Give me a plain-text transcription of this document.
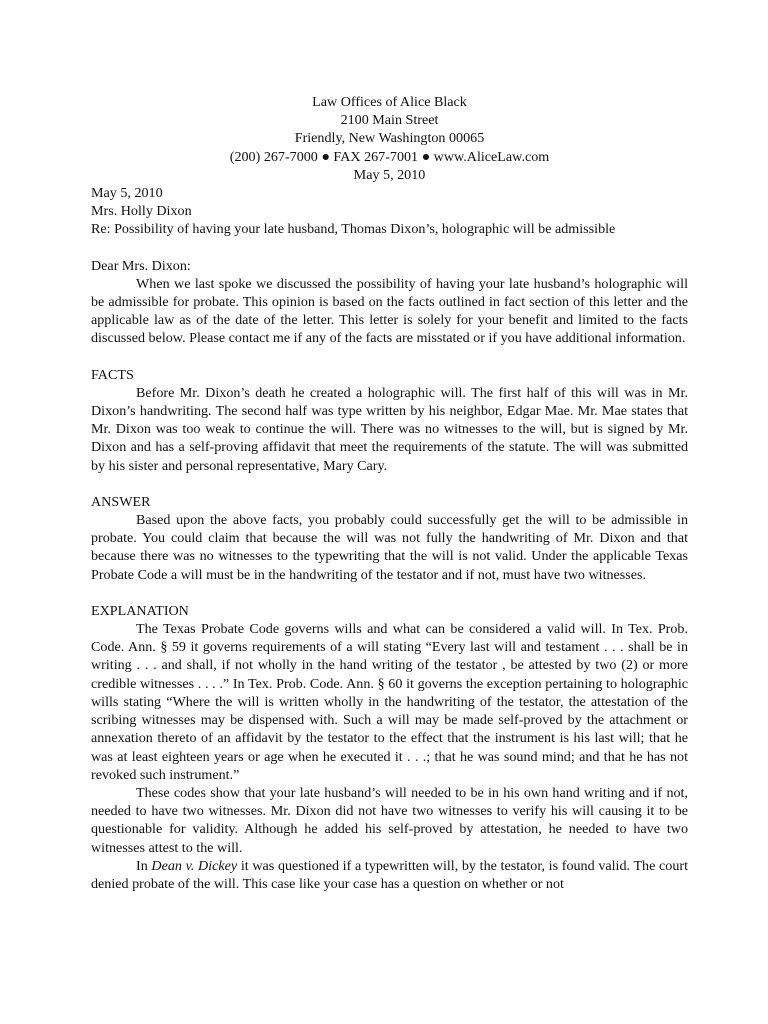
Law Offices of Alice Black
2100 Main Street
Friendly, New Washington 00065
(200) 267-7000 ● FAX 267-7001 ● www.AliceLaw.com
May 5, 2010
May 5, 2010
Mrs. Holly Dixon
Re: Possibility of having your late husband, Thomas Dixon’s, holographic will be admissible
Dear Mrs. Dixon:

When we last spoke we discussed the possibility of having your late husband’s holographic will be admissible for probate. This opinion is based on the facts outlined in fact section of this letter and the applicable law as of the date of the letter. This letter is solely for your benefit and limited to the facts discussed below. Please contact me if any of the facts are misstated or if you have additional information.

FACTS

Before Mr. Dixon’s death he created a holographic will. The first half of this will was in Mr. Dixon’s handwriting. The second half was type written by his neighbor, Edgar Mae. Mr. Mae states that Mr. Dixon was too weak to continue the will. There was no witnesses to the will, but is signed by Mr. Dixon and has a self-proving affidavit that meet the requirements of the statute. The will was submitted by his sister and personal representative, Mary Cary.

ANSWER

Based upon the above facts, you probably could successfully get the will to be admissible in probate. You could claim that because the will was not fully the handwriting of Mr. Dixon and that because there was no witnesses to the typewriting that the will is not valid. Under the applicable Texas Probate Code a will must be in the handwriting of the testator and if not, must have two witnesses.

EXPLANATION

The Texas Probate Code governs wills and what can be considered a valid will. In Tex. Prob. Code. Ann. § 59 it governs requirements of a will stating “Every last will and testament . . . shall be in writing . . . and shall, if not wholly in the hand writing of the testator , be attested by two (2) or more credible witnesses . . . .” In Tex. Prob. Code. Ann. § 60 it governs the exception pertaining to holographic wills stating “Where the will is written wholly in the handwriting of the testator, the attestation of the scribing witnesses may be dispensed with. Such a will may be made self-proved by the attachment or annexation thereto of an affidavit by the testator to the effect that the instrument is his last will; that he was at least eighteen years or age when he executed it . . .; that he was sound mind; and that he has not revoked such instrument.”

These codes show that your late husband’s will needed to be in his own hand writing and if not, needed to have two witnesses. Mr. Dixon did not have two witnesses to verify his will causing it to be questionable for validity. Although he added his self-proved by attestation, he needed to have two witnesses attest to the will.

In Dean v. Dickey it was questioned if a typewritten will, by the testator, is found valid. The court denied probate of the will. This case like your case has a question on whether or not
